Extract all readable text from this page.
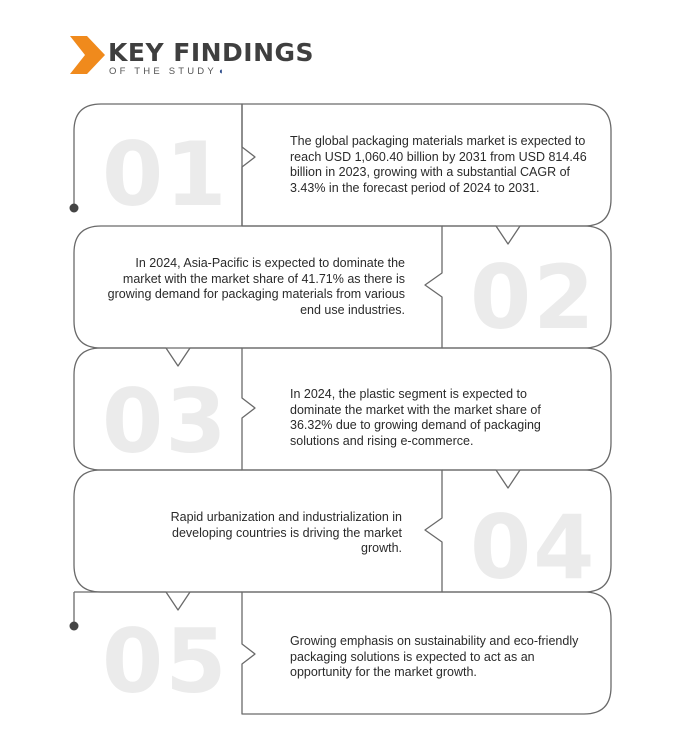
KEY FINDINGS
OF THE STUDY ◖
01
02
03
04
05
The global packaging materials market is expected to reach USD 1,060.40 billion by 2031 from USD 814.46 billion in 2023, growing with a substantial CAGR of 3.43% in the forecast period of 2024 to 2031.
In 2024, Asia-Pacific is expected to dominate the market with the market share of 41.71% as there is growing demand for packaging materials from various end use industries.
In 2024, the plastic segment is expected to dominate the market with the market share of 36.32% due to growing demand of packaging solutions and rising e-commerce.
Rapid urbanization and industrialization in developing countries is driving the market growth.
Growing emphasis on sustainability and eco-friendly packaging solutions is expected to act as an opportunity for the market growth.
